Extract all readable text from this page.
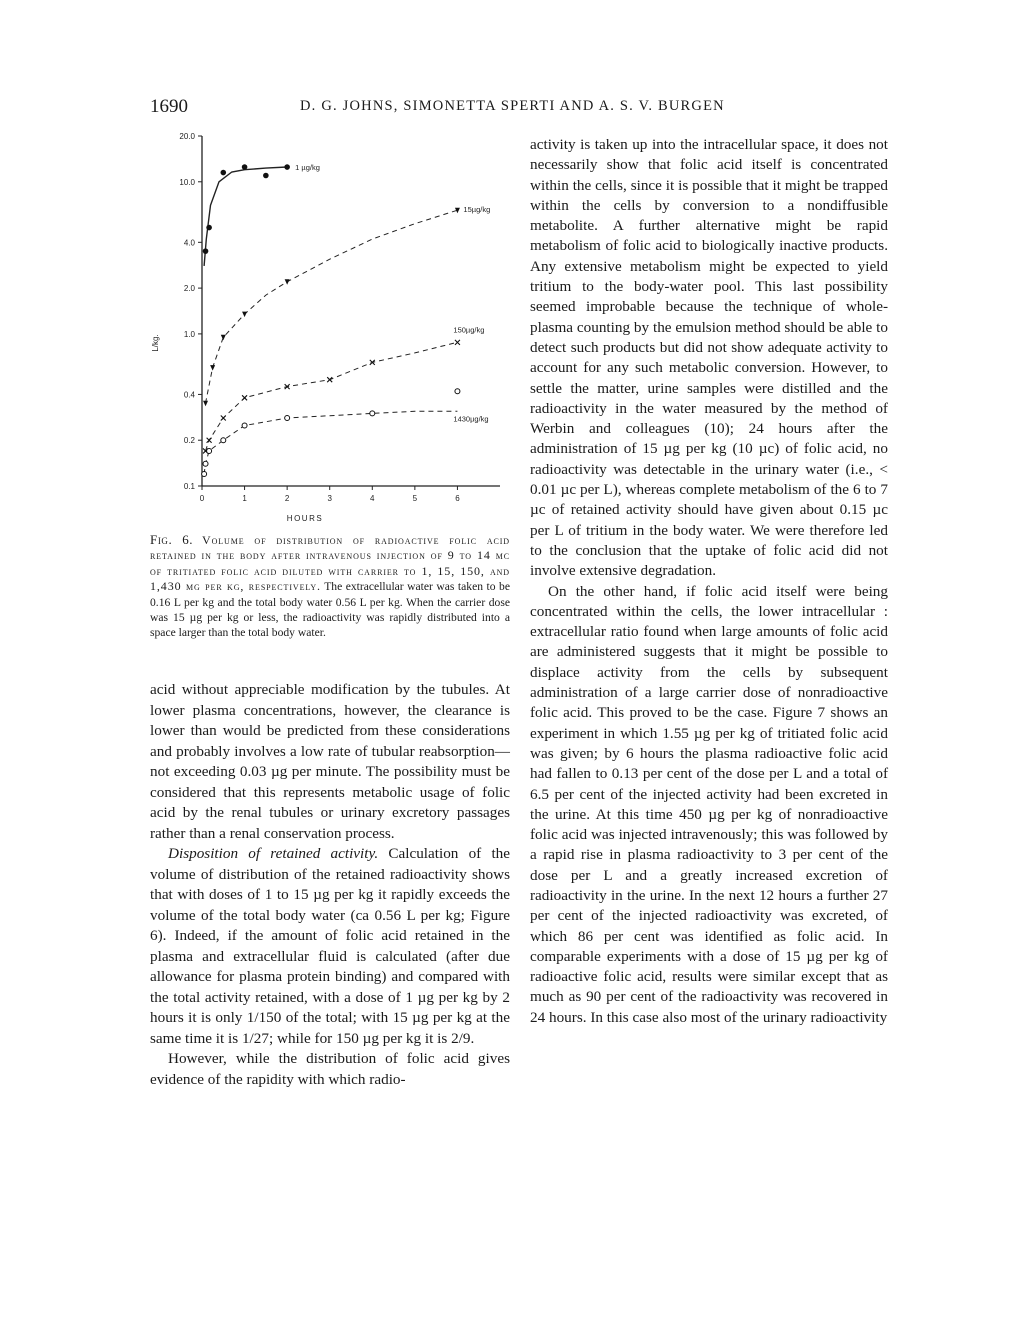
1690	D. G. JOHNS, SIMONETTA SPERTI AND A. S. V. BURGEN
20.0
10.0
4.0
2.0
1.0
0.4
0.2
0.1
0	1	2	3	4	5	6
1 µg/kg
15µg/kg
150µg/kg
1430µg/kg
HOURS
L/kg.
Fig. 6. Volume of distribution of radioactive folic acid retained in the body after intravenous injection of 9 to 14 µc of tritiated folic acid diluted with carrier to 1, 15, 150, and 1,430 µg per kg, respectively. The extracellular water was taken to be 0.16 L per kg and the total body water 0.56 L per kg. When the carrier dose was 15 µg per kg or less, the radioactivity was rapidly distributed into a space larger than the total body water.

acid without appreciable modification by the tubules. At lower plasma concentrations, however, the clearance is lower than would be predicted from these considerations and probably involves a low rate of tubular reabsorption—not exceeding 0.03 µg per minute. The possibility must be considered that this represents metabolic usage of folic acid by the renal tubules or urinary excretory passages rather than a renal conservation process.

Disposition of retained activity. Calculation of the volume of distribution of the retained radioactivity shows that with doses of 1 to 15 µg per kg it rapidly exceeds the volume of the total body water (ca 0.56 L per kg; Figure 6). Indeed, if the amount of folic acid retained in the plasma and extracellular fluid is calculated (after due allowance for plasma protein binding) and compared with the total activity retained, with a dose of 1 µg per kg by 2 hours it is only 1/150 of the total; with 15 µg per kg at the same time it is 1/27; while for 150 µg per kg it is 2/9.

However, while the distribution of folic acid gives evidence of the rapidity with which radio-

activity is taken up into the intracellular space, it does not necessarily show that folic acid itself is concentrated within the cells, since it is possible that it might be trapped within the cells by conversion to a nondiffusible metabolite. A further alternative might be rapid metabolism of folic acid to biologically inactive products. Any extensive metabolism might be expected to yield tritium to the body-water pool. This last possibility seemed improbable because the technique of whole-plasma counting by the emulsion method should be able to detect such products but did not show adequate activity to account for any such metabolic conversion. However, to settle the matter, urine samples were distilled and the radioactivity in the water measured by the method of Werbin and colleagues (10); 24 hours after the administration of 15 µg per kg (10 µc) of folic acid, no radioactivity was detectable in the urinary water (i.e., < 0.01 µc per L), whereas complete metabolism of the 6 to 7 µc of retained activity should have given about 0.15 µc per L of tritium in the body water. We were therefore led to the conclusion that the uptake of folic acid did not involve extensive degradation.

On the other hand, if folic acid itself were being concentrated within the cells, the lower intracellular : extracellular ratio found when large amounts of folic acid are administered suggests that it might be possible to displace activity from the cells by subsequent administration of a large carrier dose of nonradioactive folic acid. This proved to be the case. Figure 7 shows an experiment in which 1.55 µg per kg of tritiated folic acid was given; by 6 hours the plasma radioactive folic acid had fallen to 0.13 per cent of the dose per L and a total of 6.5 per cent of the injected activity had been excreted in the urine. At this time 450 µg per kg of nonradioactive folic acid was injected intravenously; this was followed by a rapid rise in plasma radioactivity to 3 per cent of the dose per L and a greatly increased excretion of radioactivity in the urine. In the next 12 hours a further 27 per cent of the injected radioactivity was excreted, of which 86 per cent was identified as folic acid. In comparable experiments with a dose of 15 µg per kg of radioactive folic acid, results were similar except that as much as 90 per cent of the radioactivity was recovered in 24 hours. In this case also most of the urinary radioactivity
